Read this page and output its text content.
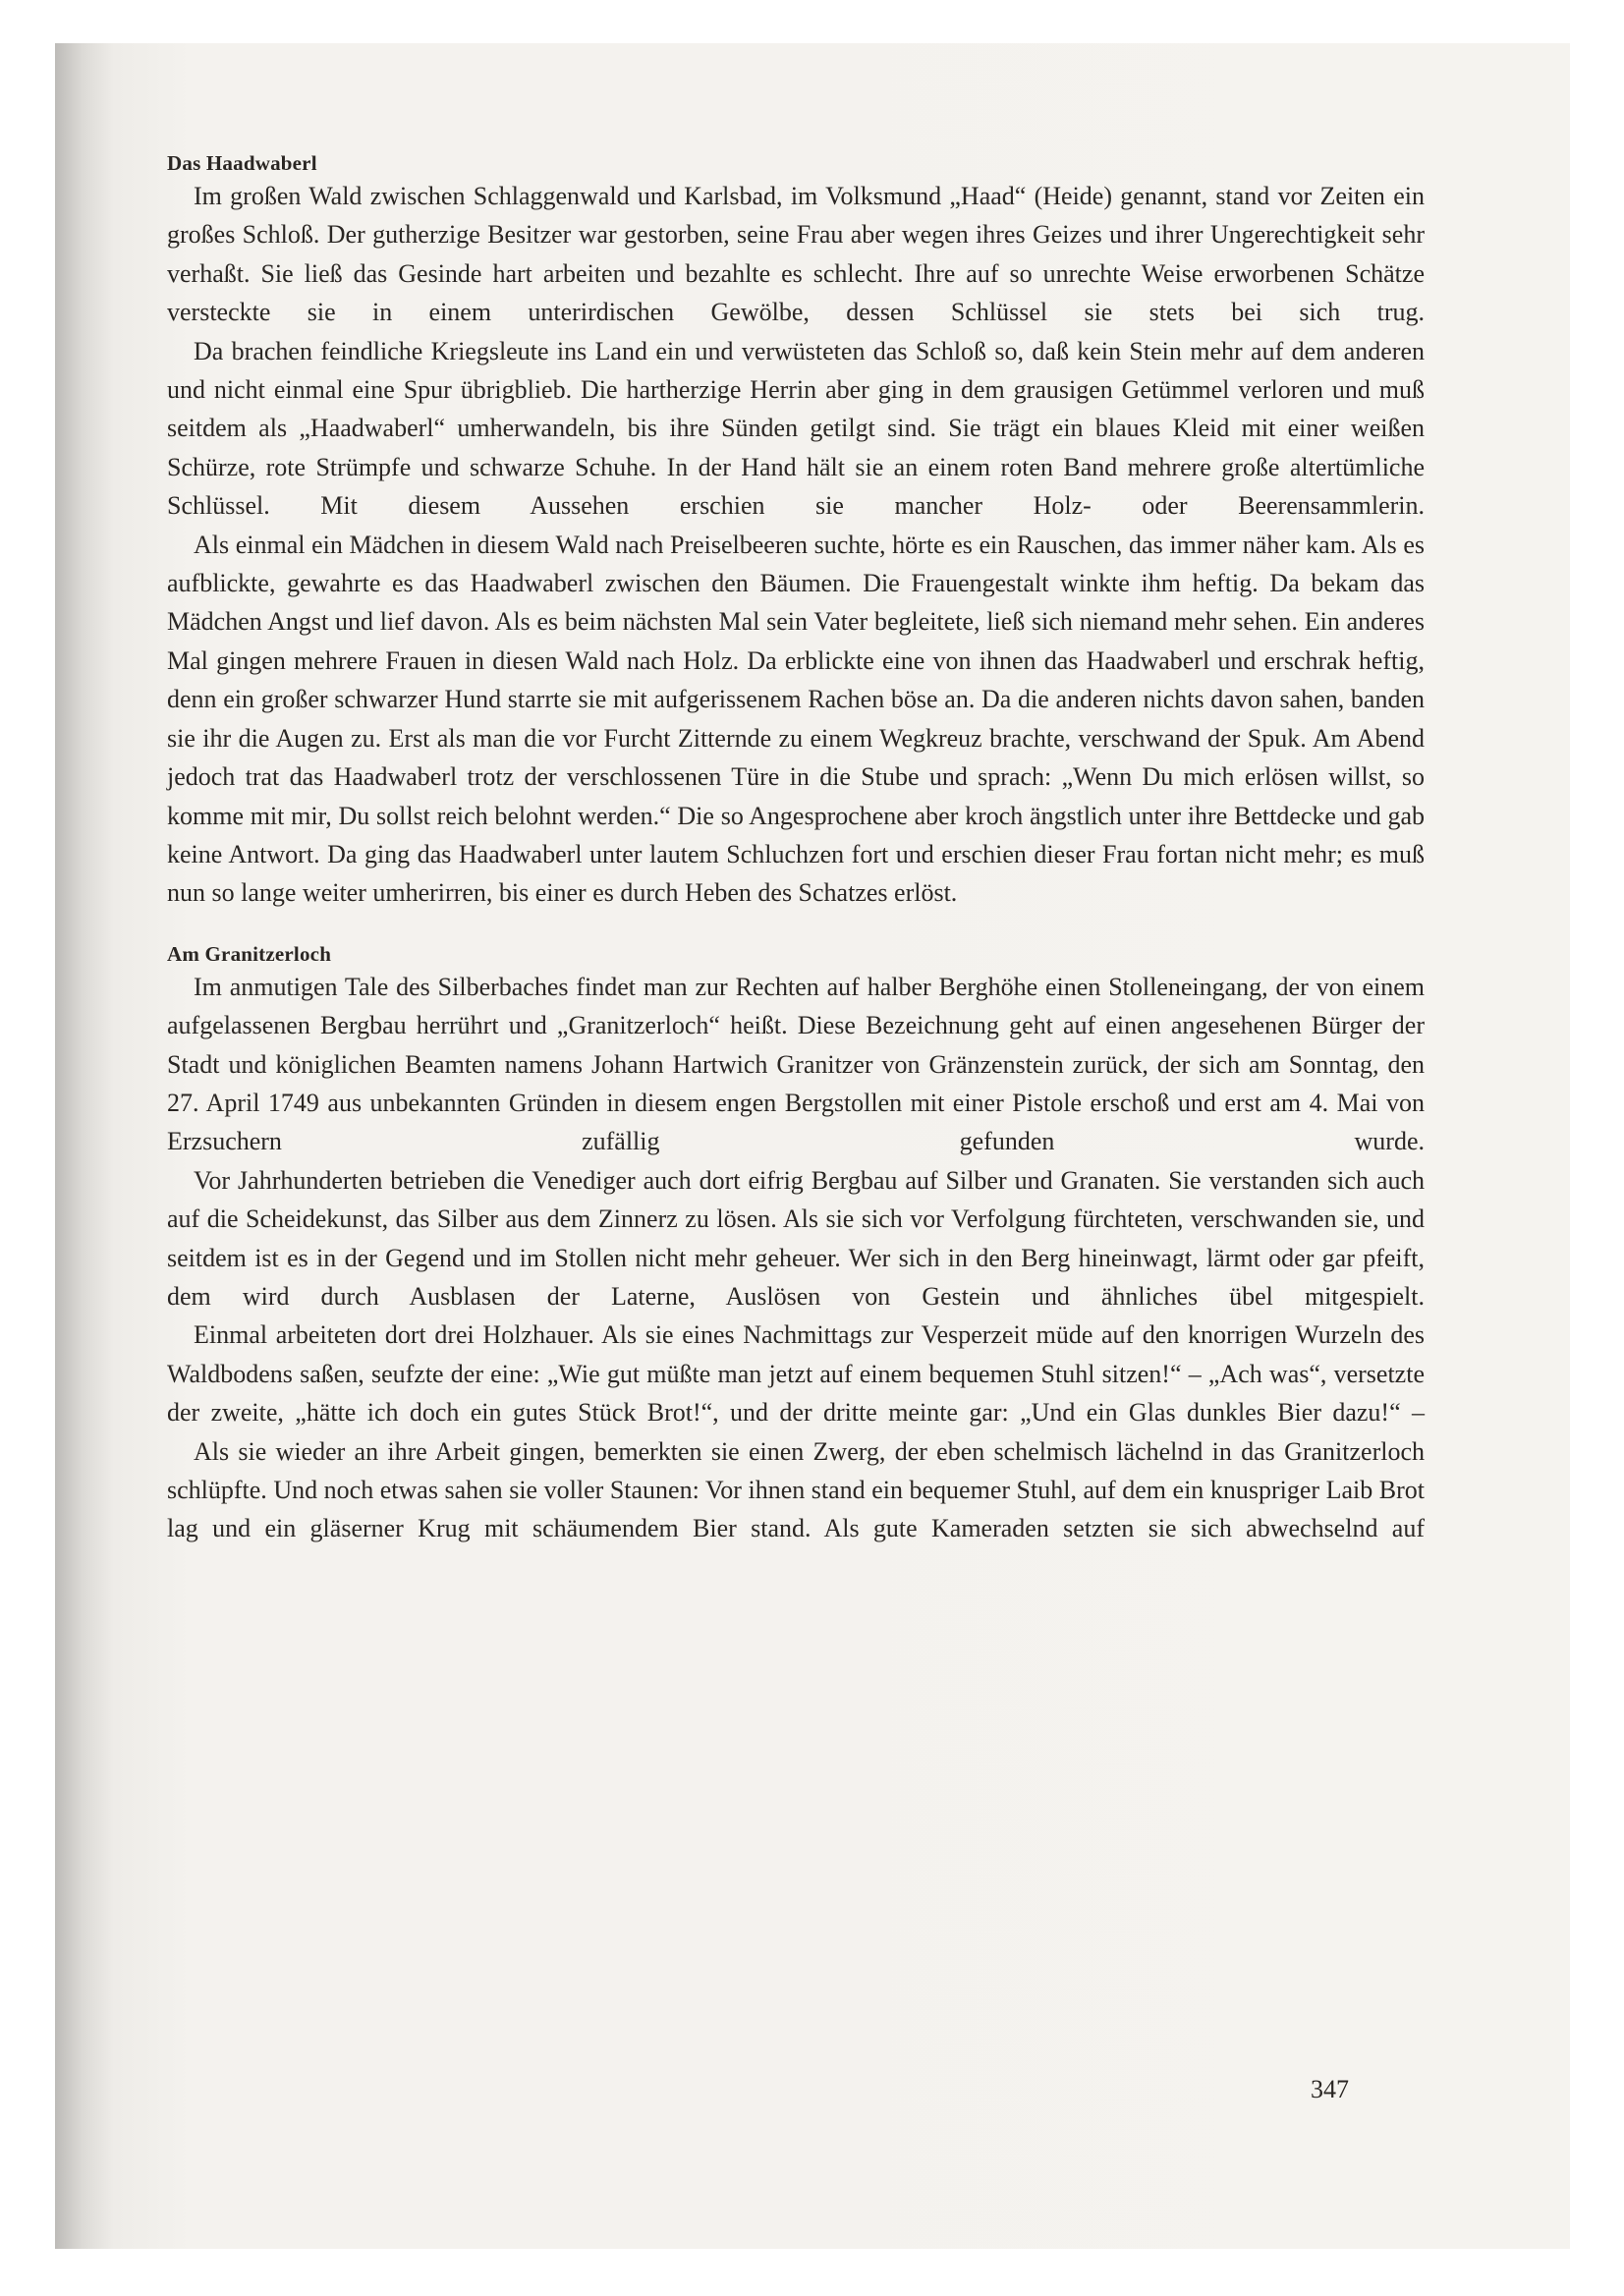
Das Haadwaberl

Im großen Wald zwischen Schlaggenwald und Karlsbad, im Volksmund „Haad“ (Heide) genannt, stand vor Zeiten ein großes Schloß. Der gutherzige Besitzer war gestorben, seine Frau aber wegen ihres Geizes und ihrer Ungerechtigkeit sehr verhaßt. Sie ließ das Gesinde hart arbeiten und bezahlte es schlecht. Ihre auf so unrechte Weise erworbenen Schätze versteckte sie in einem unterirdischen Gewölbe, dessen Schlüssel sie stets bei sich trug.

Da brachen feindliche Kriegsleute ins Land ein und verwüsteten das Schloß so, daß kein Stein mehr auf dem anderen und nicht einmal eine Spur übrigblieb. Die hartherzige Herrin aber ging in dem grausigen Getümmel verloren und muß seitdem als „Haadwaberl“ umherwandeln, bis ihre Sünden getilgt sind. Sie trägt ein blaues Kleid mit einer weißen Schürze, rote Strümpfe und schwarze Schuhe. In der Hand hält sie an einem roten Band mehrere große altertümliche Schlüssel. Mit diesem Aussehen erschien sie mancher Holz- oder Beerensammlerin.

Als einmal ein Mädchen in diesem Wald nach Preiselbeeren suchte, hörte es ein Rauschen, das immer näher kam. Als es aufblickte, gewahrte es das Haadwaberl zwischen den Bäumen. Die Frauengestalt winkte ihm heftig. Da bekam das Mädchen Angst und lief davon. Als es beim nächsten Mal sein Vater begleitete, ließ sich niemand mehr sehen. Ein anderes Mal gingen mehrere Frauen in diesen Wald nach Holz. Da erblickte eine von ihnen das Haadwaberl und erschrak heftig, denn ein großer schwarzer Hund starrte sie mit aufgerissenem Rachen böse an. Da die anderen nichts davon sahen, banden sie ihr die Augen zu. Erst als man die vor Furcht Zitternde zu einem Wegkreuz brachte, verschwand der Spuk. Am Abend jedoch trat das Haadwaberl trotz der verschlossenen Türe in die Stube und sprach: „Wenn Du mich erlösen willst, so komme mit mir, Du sollst reich belohnt werden.“ Die so Angesprochene aber kroch ängstlich unter ihre Bettdecke und gab keine Antwort. Da ging das Haadwaberl unter lautem Schluchzen fort und erschien dieser Frau fortan nicht mehr; es muß nun so lange weiter umherirren, bis einer es durch Heben des Schatzes erlöst.

Am Granitzerloch

Im anmutigen Tale des Silberbaches findet man zur Rechten auf halber Berghöhe einen Stolleneingang, der von einem aufgelassenen Bergbau herrührt und „Granitzerloch“ heißt. Diese Bezeichnung geht auf einen angesehenen Bürger der Stadt und königlichen Beamten namens Johann Hartwich Granitzer von Gränzenstein zurück, der sich am Sonntag, den 27. April 1749 aus unbekannten Gründen in diesem engen Bergstollen mit einer Pistole erschoß und erst am 4. Mai von Erzsuchern zufällig gefunden wurde.

Vor Jahrhunderten betrieben die Venediger auch dort eifrig Bergbau auf Silber und Granaten. Sie verstanden sich auch auf die Scheidekunst, das Silber aus dem Zinnerz zu lösen. Als sie sich vor Verfolgung fürchteten, verschwanden sie, und seitdem ist es in der Gegend und im Stollen nicht mehr geheuer. Wer sich in den Berg hineinwagt, lärmt oder gar pfeift, dem wird durch Ausblasen der Laterne, Auslösen von Gestein und ähnliches übel mitgespielt.

Einmal arbeiteten dort drei Holzhauer. Als sie eines Nachmittags zur Vesperzeit müde auf den knorrigen Wurzeln des Waldbodens saßen, seufzte der eine: „Wie gut müßte man jetzt auf einem bequemen Stuhl sitzen!“ – „Ach was“, versetzte der zweite, „hätte ich doch ein gutes Stück Brot!“, und der dritte meinte gar: „Und ein Glas dunkles Bier dazu!“ –

Als sie wieder an ihre Arbeit gingen, bemerkten sie einen Zwerg, der eben schelmisch lächelnd in das Granitzerloch schlüpfte. Und noch etwas sahen sie voller Staunen: Vor ihnen stand ein bequemer Stuhl, auf dem ein knuspriger Laib Brot lag und ein gläserner Krug mit schäumendem Bier stand. Als gute Kameraden setzten sie sich abwechselnd auf

347
